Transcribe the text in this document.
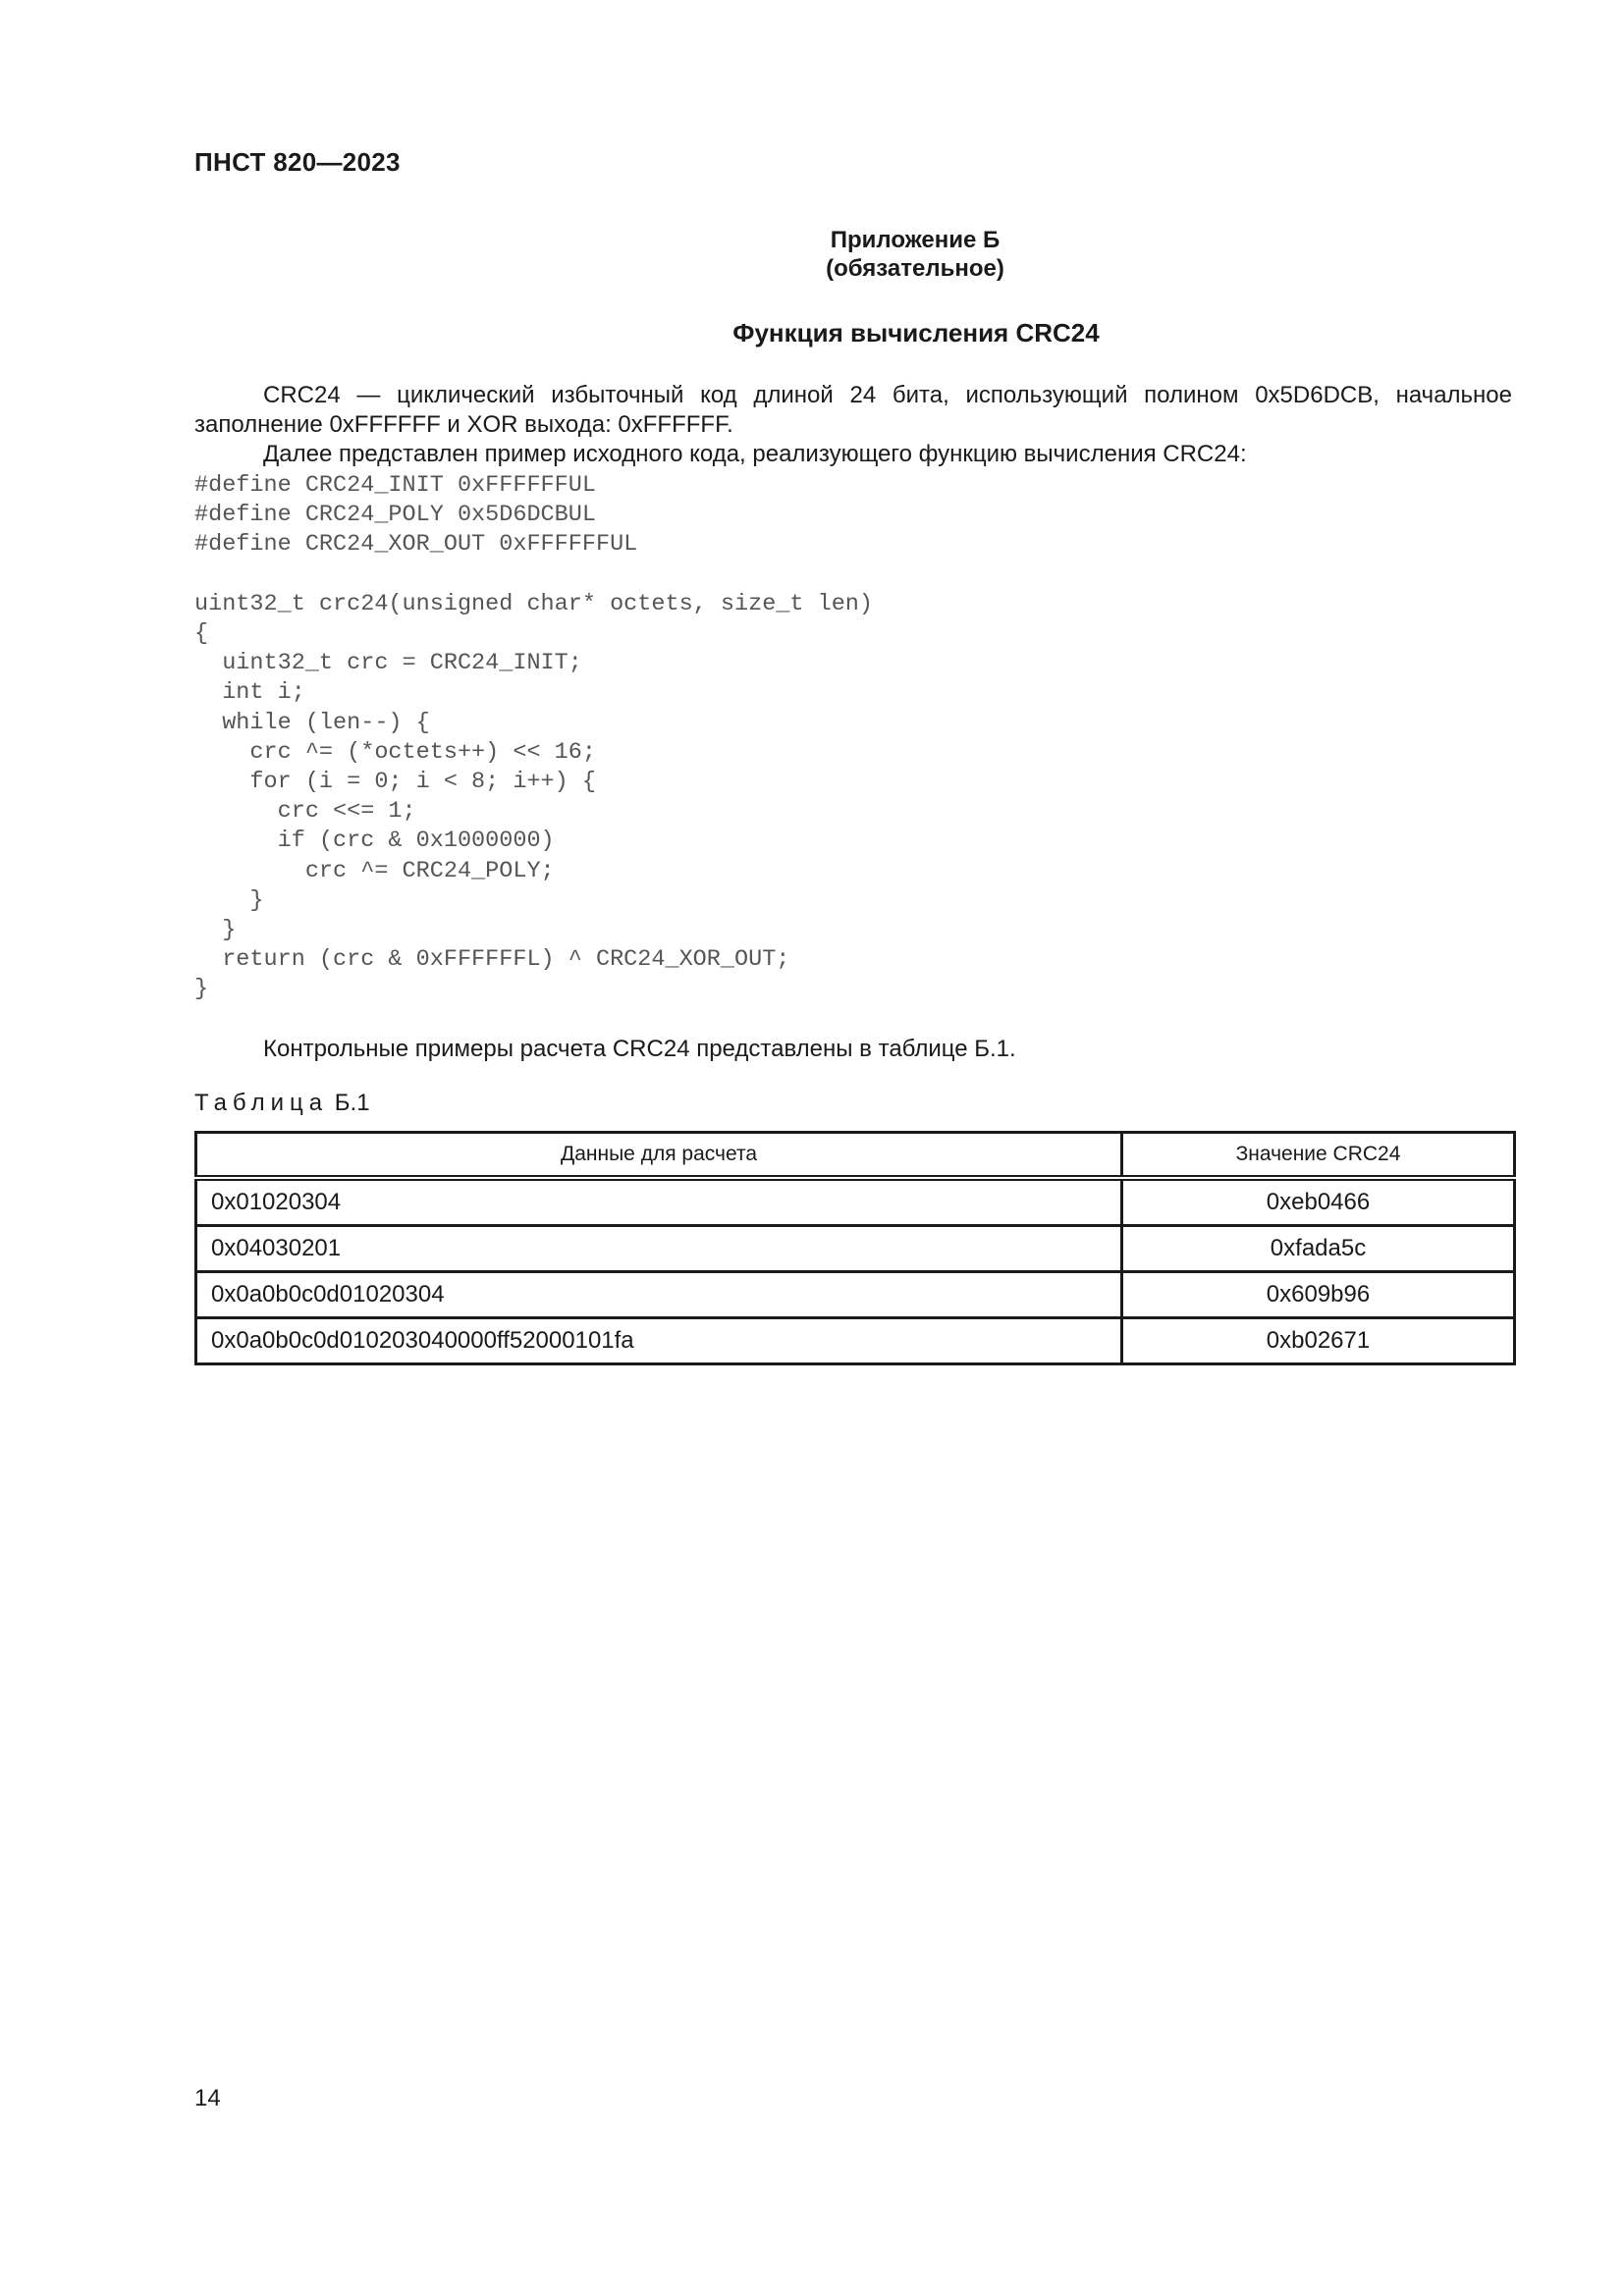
ПНСТ 820—2023
Приложение Б
(обязательное)
Функция вычисления CRC24
CRC24 — циклический избыточный код длиной 24 бита, использующий полином 0x5D6DCB, начальное заполнение 0xFFFFFF и XOR выхода: 0xFFFFFF.
Далее представлен пример исходного кода, реализующего функцию вычисления CRC24:
#define CRC24_INIT 0xFFFFFFUL
#define CRC24_POLY 0x5D6DCBUL
#define CRC24_XOR_OUT 0xFFFFFFUL

uint32_t crc24(unsigned char* octets, size_t len)
{
uint32_t crc = CRC24_INIT;
int i;
while (len--) {
crc ^= (*octets++) << 16;
for (i = 0; i < 8; i++) {
crc <<= 1;
if (crc & 0x1000000)
crc ^= CRC24_POLY;
}
}
return (crc & 0xFFFFFFL) ^ CRC24_XOR_OUT;
}
Контрольные примеры расчета CRC24 представлены в таблице Б.1.
Таблица Б.1
Данные для расчета	Значение CRC24
0x01020304	0xeb0466
0x04030201	0xfada5c
0x0a0b0c0d01020304	0x609b96
0x0a0b0c0d010203040000ff52000101fa	0xb02671
14
